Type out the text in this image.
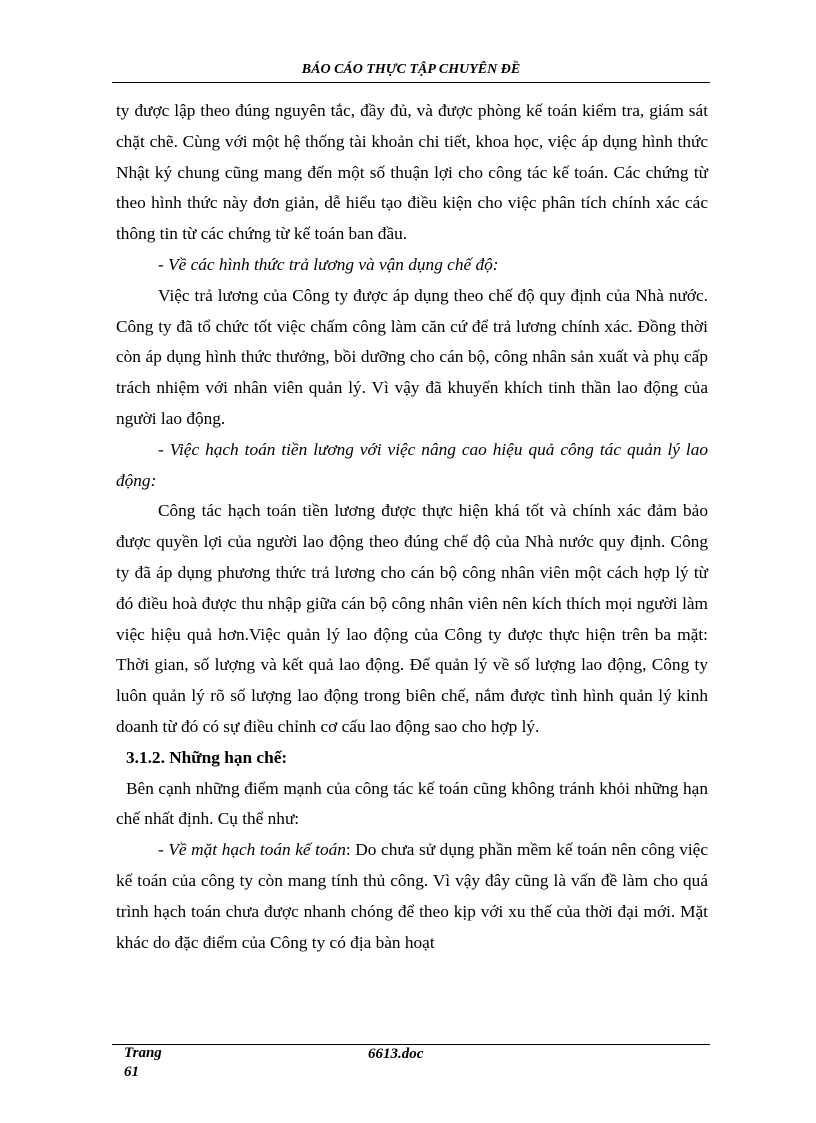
BÁO CÁO THỰC TẬP CHUYÊN ĐỀ

ty được lập theo đúng nguyên tắc, đầy đủ, và được phòng kế toán kiểm tra, giám sát chặt chẽ. Cùng với một hệ thống tài khoản chi tiết, khoa học, việc áp dụng hình thức Nhật ký chung cũng mang đến một số thuận lợi cho công tác kế toán. Các chứng từ theo hình thức này đơn giản, dễ hiểu tạo điều kiện cho việc phân tích chính xác các thông tin từ các chứng từ kế toán ban đầu.

- Về các hình thức trả lương và vận dụng chế độ:

Việc trả lương của Công ty được áp dụng theo chế độ quy định của Nhà nước. Công ty đã tổ chức tốt việc chấm công làm căn cứ để trả lương chính xác. Đồng thời còn áp dụng hình thức thưởng, bồi dưỡng cho cán bộ, công nhân sản xuất và phụ cấp trách nhiệm với nhân viên quản lý. Vì vậy đã khuyến khích tinh thần lao động của người lao động.

- Việc hạch toán tiền lương với việc nâng cao hiệu quả công tác quản lý lao động:

Công tác hạch toán tiền lương được thực hiện khá tốt và chính xác đảm bảo được quyền lợi của người lao động theo đúng chế độ của Nhà nước quy định. Công ty đã áp dụng phương thức trả lương cho cán bộ công nhân viên một cách hợp lý từ đó điều hoà được thu nhập giữa cán bộ công nhân viên nên kích thích mọi người làm việc hiệu quả hơn.Việc quản lý lao động của Công ty được thực hiện trên ba mặt: Thời gian, số lượng và kết quả lao động. Để quản lý về số lượng lao động, Công ty luôn quản lý rõ số lượng lao động trong biên chế, nắm được tình hình quản lý kinh doanh từ đó có sự điều chỉnh cơ cấu lao động sao cho hợp lý.

3.1.2. Những hạn chế:

Bên cạnh những điểm mạnh của công tác kế toán cũng không tránh khỏi những hạn chế nhất định. Cụ thể như:

- Về mặt hạch toán kế toán: Do chưa sử dụng phần mềm kế toán nên công việc kế toán của công ty còn mang tính thủ công. Vì vậy đây cũng là vấn đề làm cho quá trình hạch toán chưa được nhanh chóng để theo kịp với xu thế của thời đại mới. Mặt khác do đặc điểm của Công ty có địa bàn hoạt

Trang
61
6613.doc
